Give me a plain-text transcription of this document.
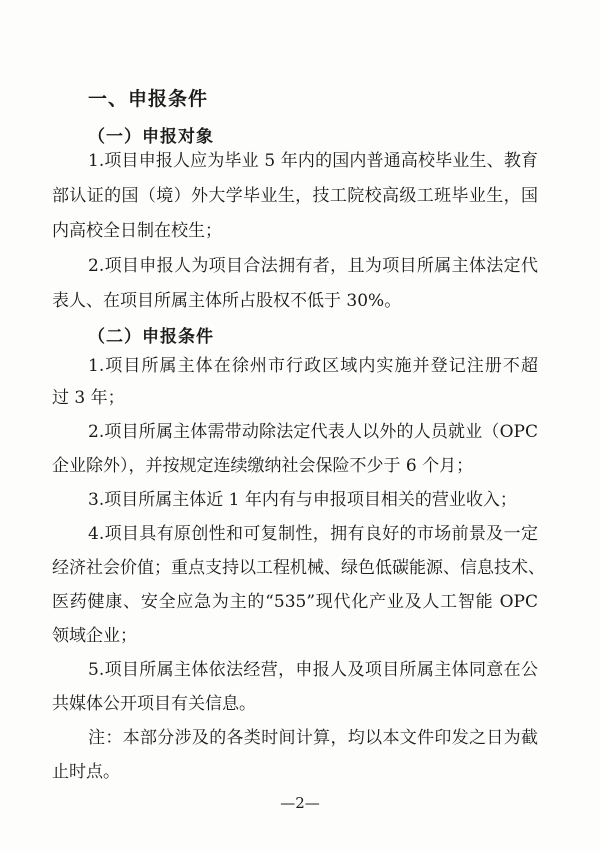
一、申报条件
（一）申报对象
1.项目申报人应为毕业 5 年内的国内普通高校毕业生、教育
部认证的国（境）外大学毕业生，技工院校高级工班毕业生，国
内高校全日制在校生；
2.项目申报人为项目合法拥有者，且为项目所属主体法定代
表人、在项目所属主体所占股权不低于 30%。
（二）申报条件
1.项目所属主体在徐州市行政区域内实施并登记注册不超
过 3 年；
2.项目所属主体需带动除法定代表人以外的人员就业（OPC
企业除外），并按规定连续缴纳社会保险不少于 6 个月；
3.项目所属主体近 1 年内有与申报项目相关的营业收入；
4.项目具有原创性和可复制性，拥有良好的市场前景及一定
经济社会价值；重点支持以工程机械、绿色低碳能源、信息技术、
医药健康、安全应急为主的“535”现代化产业及人工智能 OPC
领域企业；
5.项目所属主体依法经营，申报人及项目所属主体同意在公
共媒体公开项目有关信息。
注：本部分涉及的各类时间计算，均以本文件印发之日为截
止时点。
—2—
